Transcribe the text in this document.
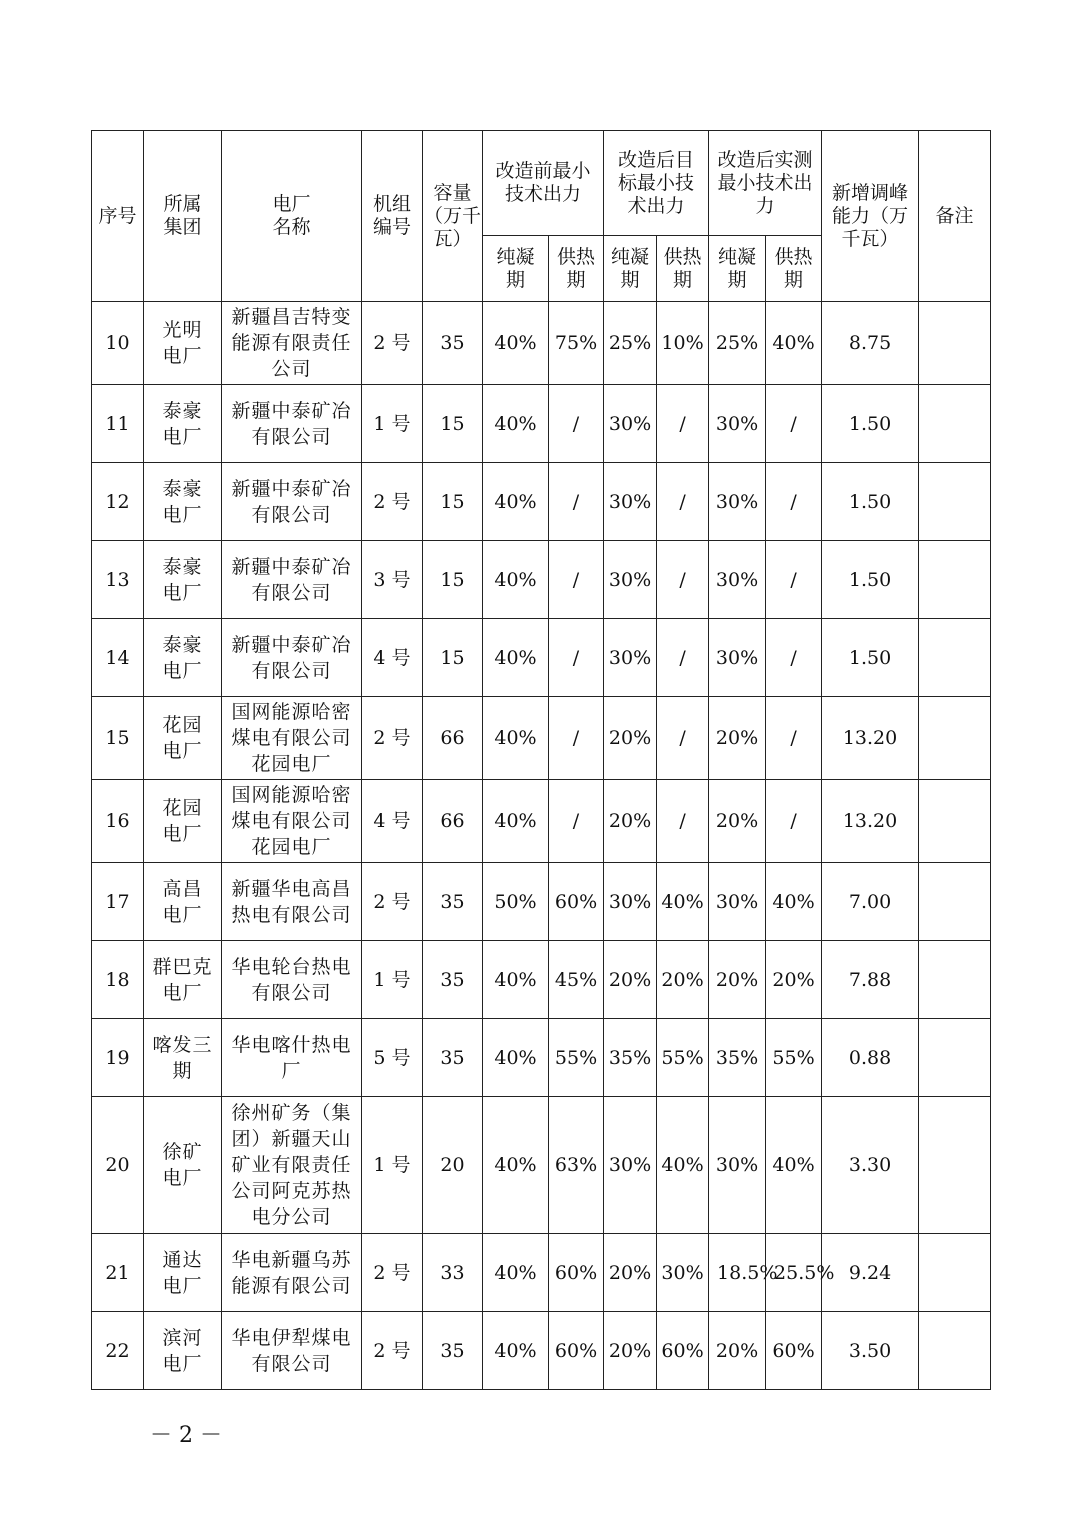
序号	所属集团	电厂名称	机组编号	容量（万千瓦）	改造前最小技术出力		改造后目标最小技术出力		改造后实测最小技术出力		新增调峰能力（万千瓦）	备注
					纯凝期	供热期	纯凝期	供热期	纯凝期	供热期		
10	光明电厂	新疆昌吉特变能源有限责任公司	2 号	35	40%	75%	25%	10%	25%	40%	8.75	
11	泰豪电厂	新疆中泰矿冶有限公司	1 号	15	40%	/	30%	/	30%	/	1.50	
12	泰豪电厂	新疆中泰矿冶有限公司	2 号	15	40%	/	30%	/	30%	/	1.50	
13	泰豪电厂	新疆中泰矿冶有限公司	3 号	15	40%	/	30%	/	30%	/	1.50	
14	泰豪电厂	新疆中泰矿冶有限公司	4 号	15	40%	/	30%	/	30%	/	1.50	
15	花园电厂	国网能源哈密煤电有限公司花园电厂	2 号	66	40%	/	20%	/	20%	/	13.20	
16	花园电厂	国网能源哈密煤电有限公司花园电厂	4 号	66	40%	/	20%	/	20%	/	13.20	
17	高昌电厂	新疆华电高昌热电有限公司	2 号	35	50%	60%	30%	40%	30%	40%	7.00	
18	群巴克电厂	华电轮台热电有限公司	1 号	35	40%	45%	20%	20%	20%	20%	7.88	
19	喀发三期	华电喀什热电厂	5 号	35	40%	55%	35%	55%	35%	55%	0.88	
20	徐矿电厂	徐州矿务（集团）新疆天山矿业有限责任公司阿克苏热电分公司	1 号	20	40%	63%	30%	40%	30%	40%	3.30	
21	通达电厂	华电新疆乌苏能源有限公司	2 号	33	40%	60%	20%	30%	18.5%	25.5%	9.24	
22	滨河电厂	华电伊犁煤电有限公司	2 号	35	40%	60%	20%	60%	20%	60%	3.50	
－ 2 －
